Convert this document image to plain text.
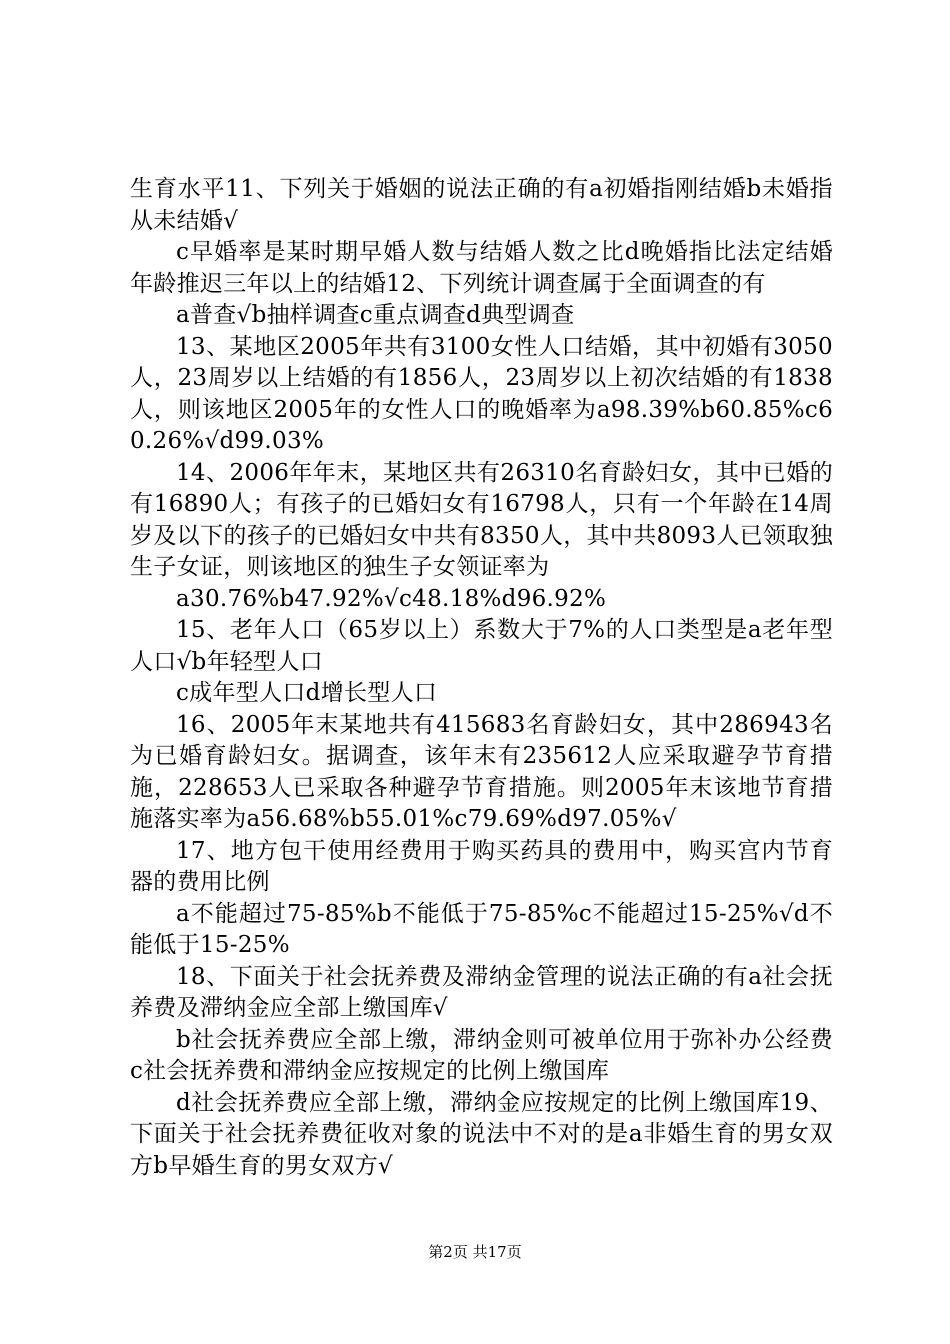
生育水平11、下列关于婚姻的说法正确的有a初婚指刚结婚b未婚指从未结婚√

c早婚率是某时期早婚人数与结婚人数之比d晚婚指比法定结婚年龄推迟三年以上的结婚12、下列统计调查属于全面调查的有

a普查√b抽样调查c重点调查d典型调查

13、某地区2005年共有3100女性人口结婚，其中初婚有3050人，23周岁以上结婚的有1856人，23周岁以上初次结婚的有1838人，则该地区2005年的女性人口的晚婚率为a98.39%b60.85%c60.26%√d99.03%

14、2006年年末，某地区共有26310名育龄妇女，其中已婚的有16890人；有孩子的已婚妇女有16798人，只有一个年龄在14周岁及以下的孩子的已婚妇女中共有8350人，其中共8093人已领取独生子女证，则该地区的独生子女领证率为

a30.76%b47.92%√c48.18%d96.92%

15、老年人口（65岁以上）系数大于7%的人口类型是a老年型人口√b年轻型人口

c成年型人口d增长型人口

16、2005年末某地共有415683名育龄妇女，其中286943名为已婚育龄妇女。据调查，该年末有235612人应采取避孕节育措施，228653人已采取各种避孕节育措施。则2005年末该地节育措施落实率为a56.68%b55.01%c79.69%d97.05%√

17、地方包干使用经费用于购买药具的费用中，购买宫内节育器的费用比例

a不能超过75-85%b不能低于75-85%c不能超过15-25%√d不能低于15-25%

18、下面关于社会抚养费及滞纳金管理的说法正确的有a社会抚养费及滞纳金应全部上缴国库√

b社会抚养费应全部上缴，滞纳金则可被单位用于弥补办公经费c社会抚养费和滞纳金应按规定的比例上缴国库

d社会抚养费应全部上缴，滞纳金应按规定的比例上缴国库19、下面关于社会抚养费征收对象的说法中不对的是a非婚生育的男女双方b早婚生育的男女双方√

第2页 共17页
